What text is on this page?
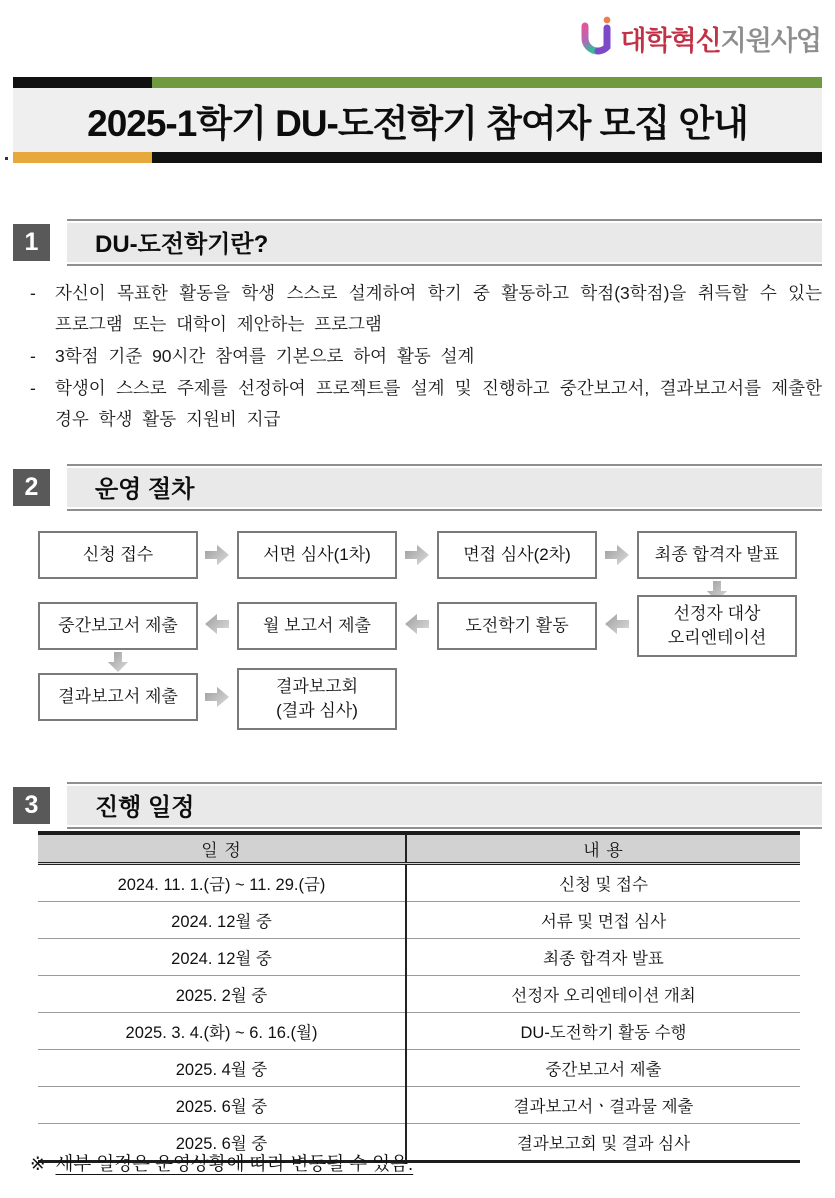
대학혁신지원사업
2025-1학기 DU-도전학기 참여자 모집 안내
1	DU-도전학기란?
-	자신이 목표한 활동을 학생 스스로 설계하여 학기 중 활동하고 학점(3학점)을 취득할 수 있는 프로그램 또는 대학이 제안하는 프로그램

-	3학점 기준 90시간 참여를 기본으로 하여 활동 설계

-	학생이 스스로 주제를 선정하여 프로젝트를 설계 및 진행하고 중간보고서, 결과보고서를 제출한 경우 학생 활동 지원비 지급

2	운영 절차
신청 접수	서면 심사(1차)	면접 심사(2차)	최종 합격자 발표
선정자 대상
오리엔테이션
도전학기 활동
월 보고서 제출
중간보고서 제출
결과보고서 제출
결과보고회
(결과 심사)
3	진행 일정
일 정	내 용
2024. 11. 1.(금) ~ 11. 29.(금)	신청 및 접수
2024. 12월 중	서류 및 면접 심사
2024. 12월 중	최종 합격자 발표
2025. 2월 중	선정자 오리엔테이션 개최
2025. 3. 4.(화) ~ 6. 16.(월)	DU-도전학기 활동 수행
2025. 4월 중	중간보고서 제출
2025. 6월 중	결과보고서ㆍ결과물 제출
2025. 6월 중	결과보고회 및 결과 심사
※ 세부 일정은 운영상황에 따라 변동될 수 있음.
